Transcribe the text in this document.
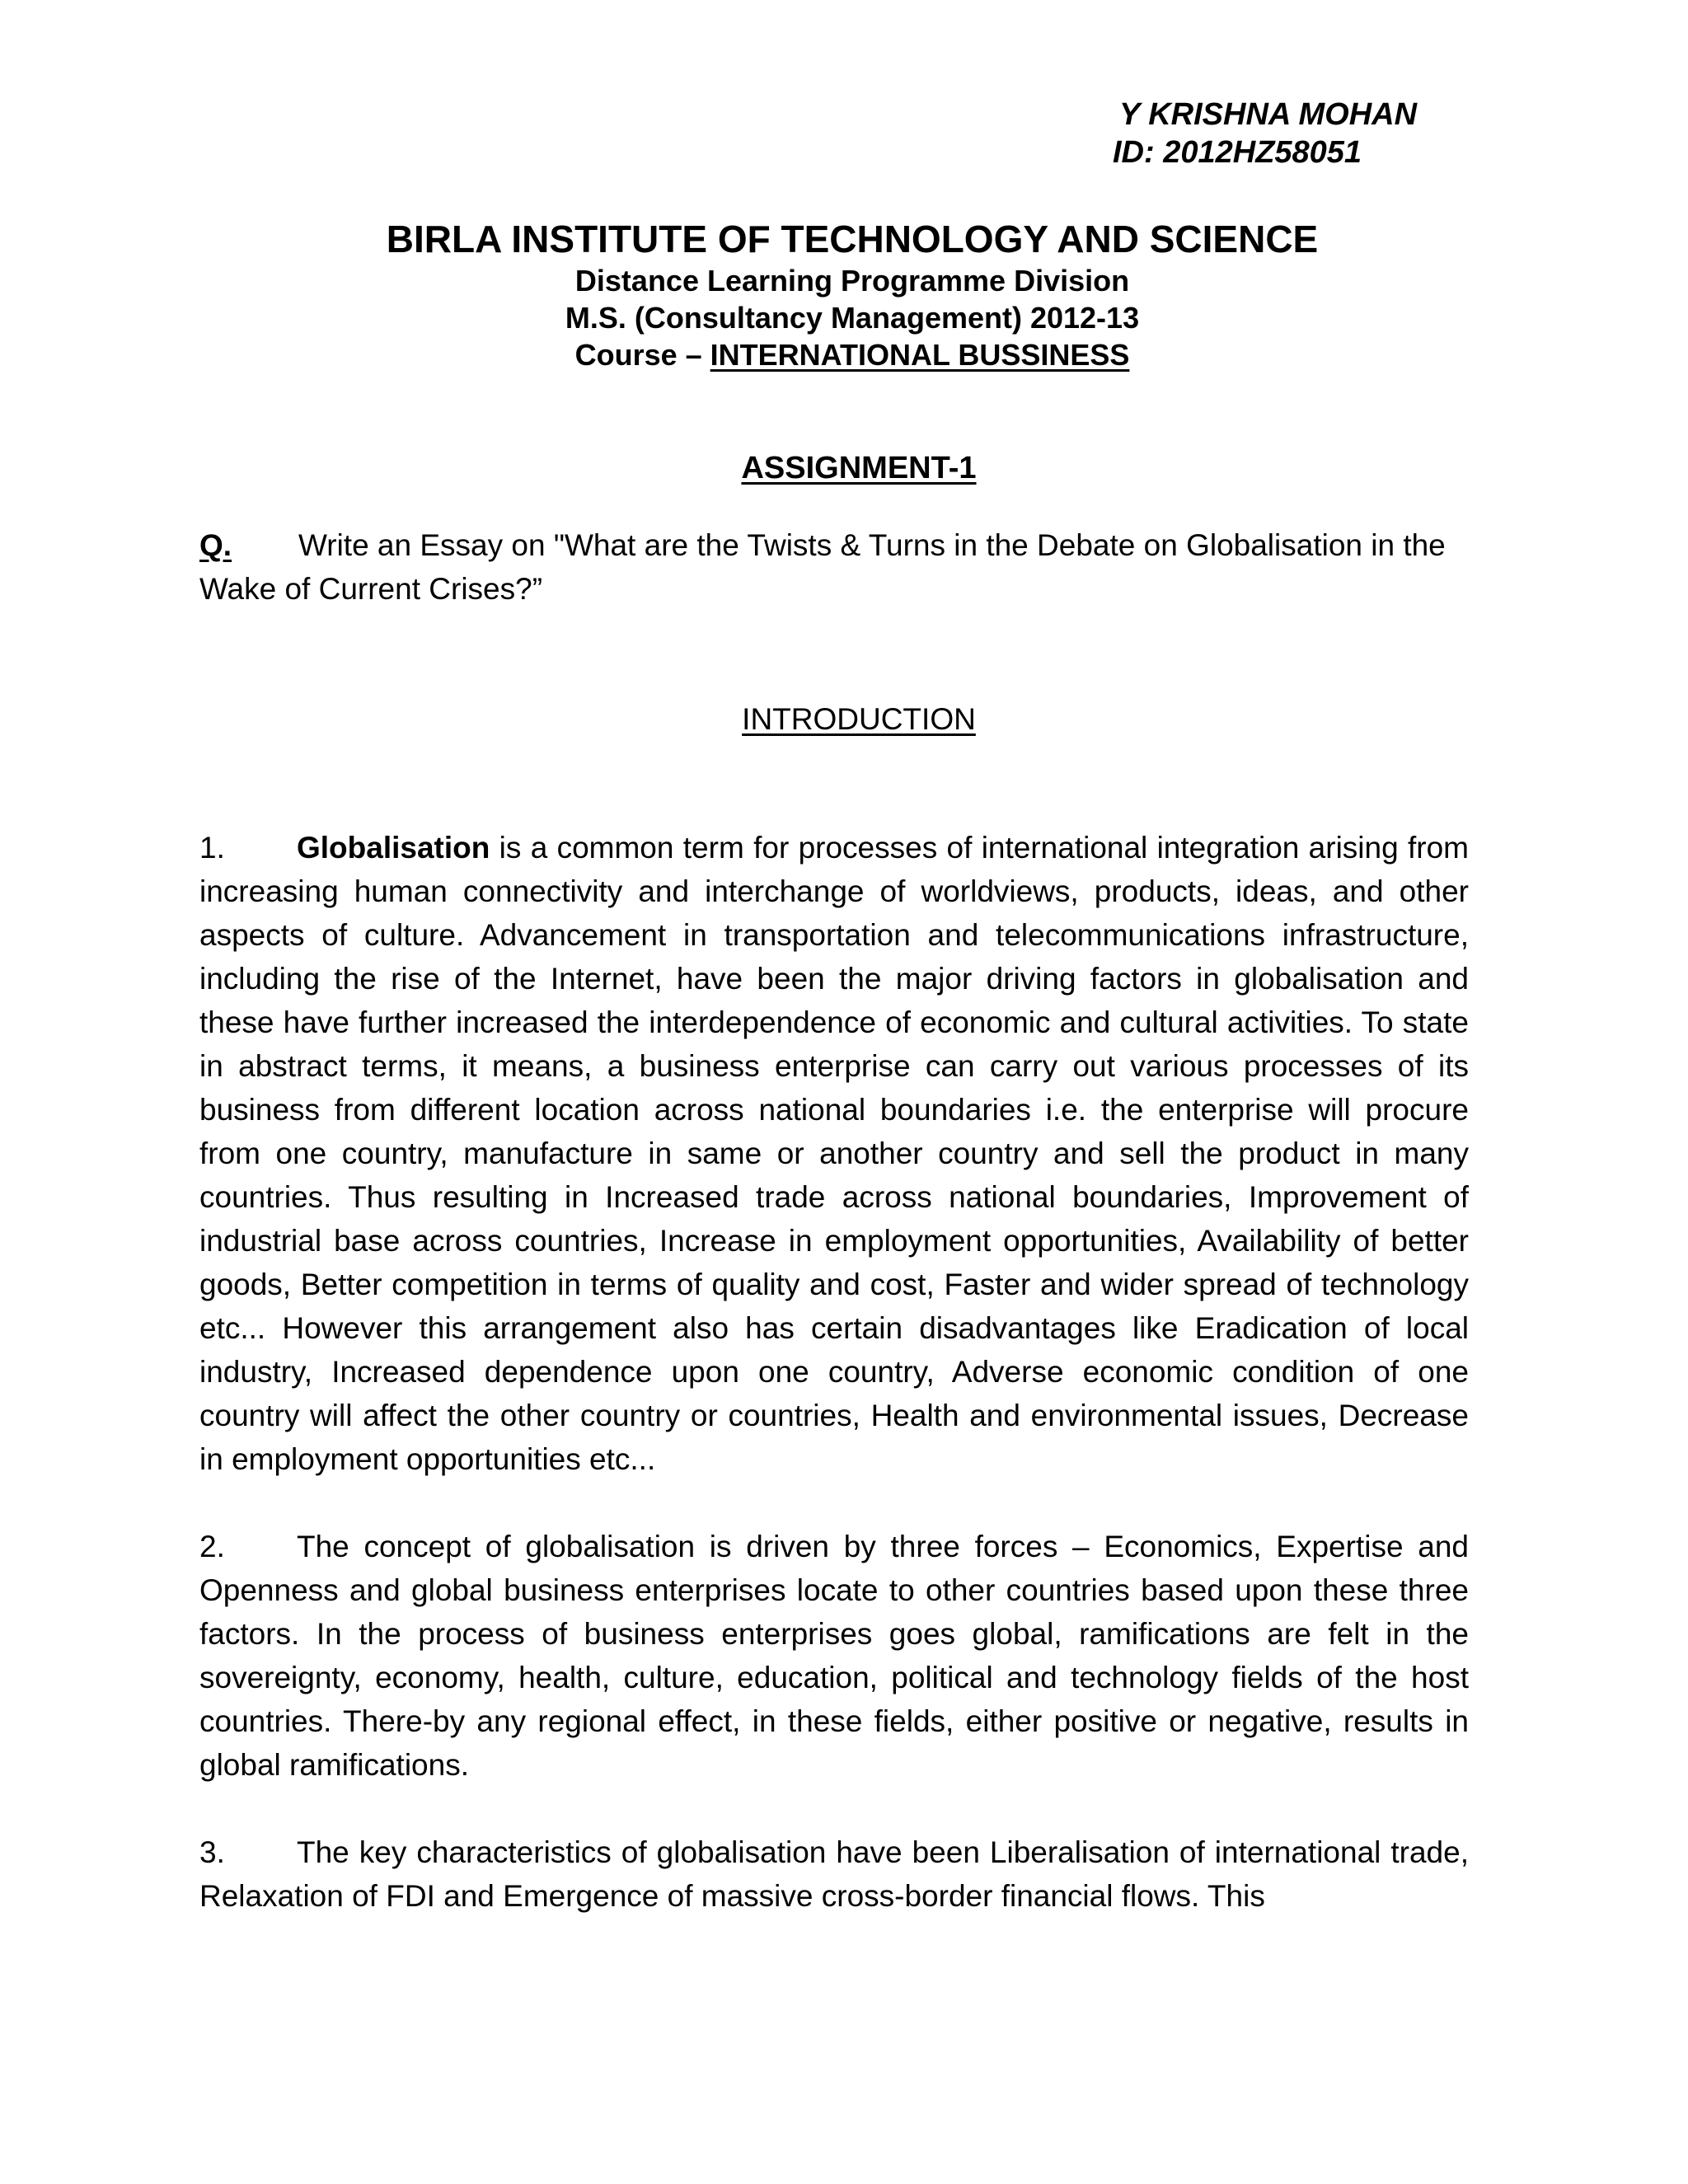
Y KRISHNA MOHAN
ID: 2012HZ58051
BIRLA INSTITUTE OF TECHNOLOGY AND SCIENCE
Distance Learning Programme Division
M.S. (Consultancy Management) 2012-13
Course – INTERNATIONAL BUSSINESS
ASSIGNMENT-1
Q. Write an Essay on "What are the Twists & Turns in the Debate on Globalisation in the Wake of Current Crises?”
INTRODUCTION

1. Globalisation is a common term for processes of international integration arising from increasing human connectivity and interchange of worldviews, products, ideas, and other aspects of culture. Advancement in transportation and telecommunications infrastructure, including the rise of the Internet, have been the major driving factors in globalisation and these have further increased the interdependence of economic and cultural activities. To state in abstract terms, it means, a business enterprise can carry out various processes of its business from different location across national boundaries i.e. the enterprise will procure from one country, manufacture in same or another country and sell the product in many countries. Thus resulting in Increased trade across national boundaries, Improvement of industrial base across countries, Increase in employment opportunities, Availability of better goods, Better competition in terms of quality and cost, Faster and wider spread of technology etc... However this arrangement also has certain disadvantages like Eradication of local industry, Increased dependence upon one country, Adverse economic condition of one country will affect the other country or countries, Health and environmental issues, Decrease in employment opportunities etc...

2. The concept of globalisation is driven by three forces – Economics, Expertise and Openness and global business enterprises locate to other countries based upon these three factors. In the process of business enterprises goes global, ramifications are felt in the sovereignty, economy, health, culture, education, political and technology fields of the host countries. There-by any regional effect, in these fields, either positive or negative, results in global ramifications.

3. The key characteristics of globalisation have been Liberalisation of international trade, Relaxation of FDI and Emergence of massive cross-border financial flows. This
